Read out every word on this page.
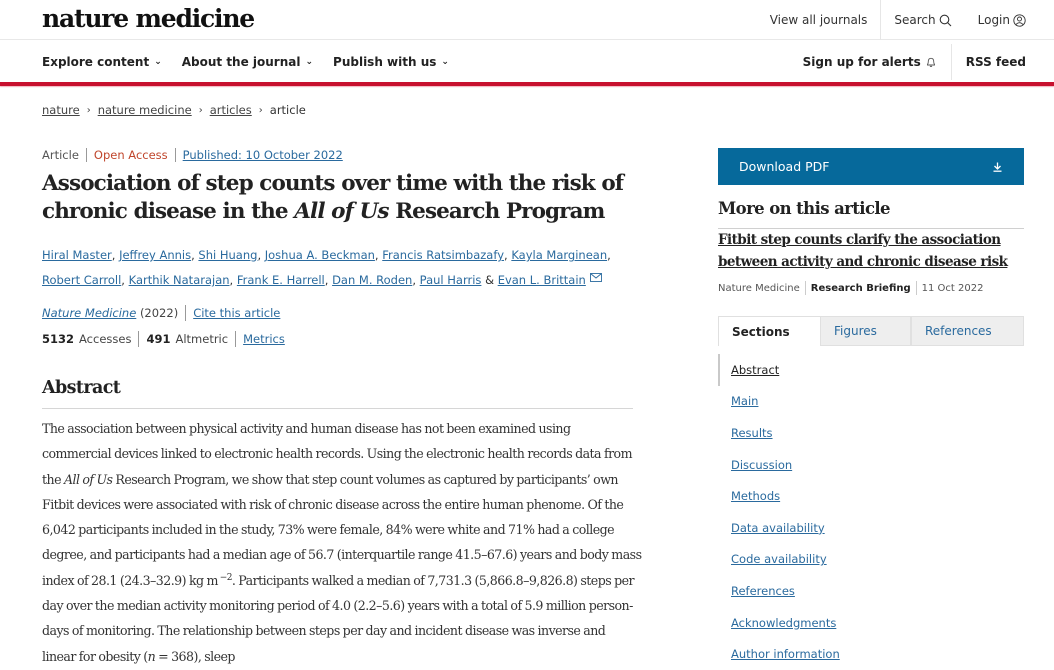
nature medicine	View all journals Search	Login
Explore content ⌄ About the journal ⌄ Publish with us ⌄	Sign up for alerts	RSS feed
nature › nature medicine › articles › article
Article Open Access Published: 10 October 2022
Association of step counts over time with the risk of chronic disease in the All of Us Research Program
Hiral Master, Jeffrey Annis, Shi Huang, Joshua A. Beckman, Francis Ratsimbazafy, Kayla Marginean, Robert Carroll, Karthik Natarajan, Frank E. Harrell, Dan M. Roden, Paul Harris & Evan L. Brittain
Nature Medicine
(2022) Cite this article
5132 Accesses 491 Altmetric Metrics
Abstract

The association between physical activity and human disease has not been examined using commercial devices linked to electronic health records. Using the electronic health records data from the All of Us Research Program, we show that step count volumes as captured by participants’ own Fitbit devices were associated with risk of chronic disease across the entire human phenome. Of the 6,042 participants included in the study, 73% were female, 84% were white and 71% had a college degree, and participants had a median age of 56.7 (interquartile range 41.5–67.6) years and body mass index of 28.1 (24.3–32.9) kg m $^{-2}$. Participants walked a median of 7,731.3 (5,866.8–9,826.8) steps per day over the median activity monitoring period of 4.0 (2.2–5.6) years with a total of 5.9 million person-days of monitoring. The relationship between steps per day and incident disease was inverse and linear for obesity (n = 368), sleep

Download PDF
More on this article
Fitbit step counts clarify the association between activity and chronic disease risk
Nature Medicine Research Briefing 11 Oct 2022
Sections	Figures	References
Abstract
Main
Results
Discussion
Methods
Data availability
Code availability
References
Acknowledgments
Author information
